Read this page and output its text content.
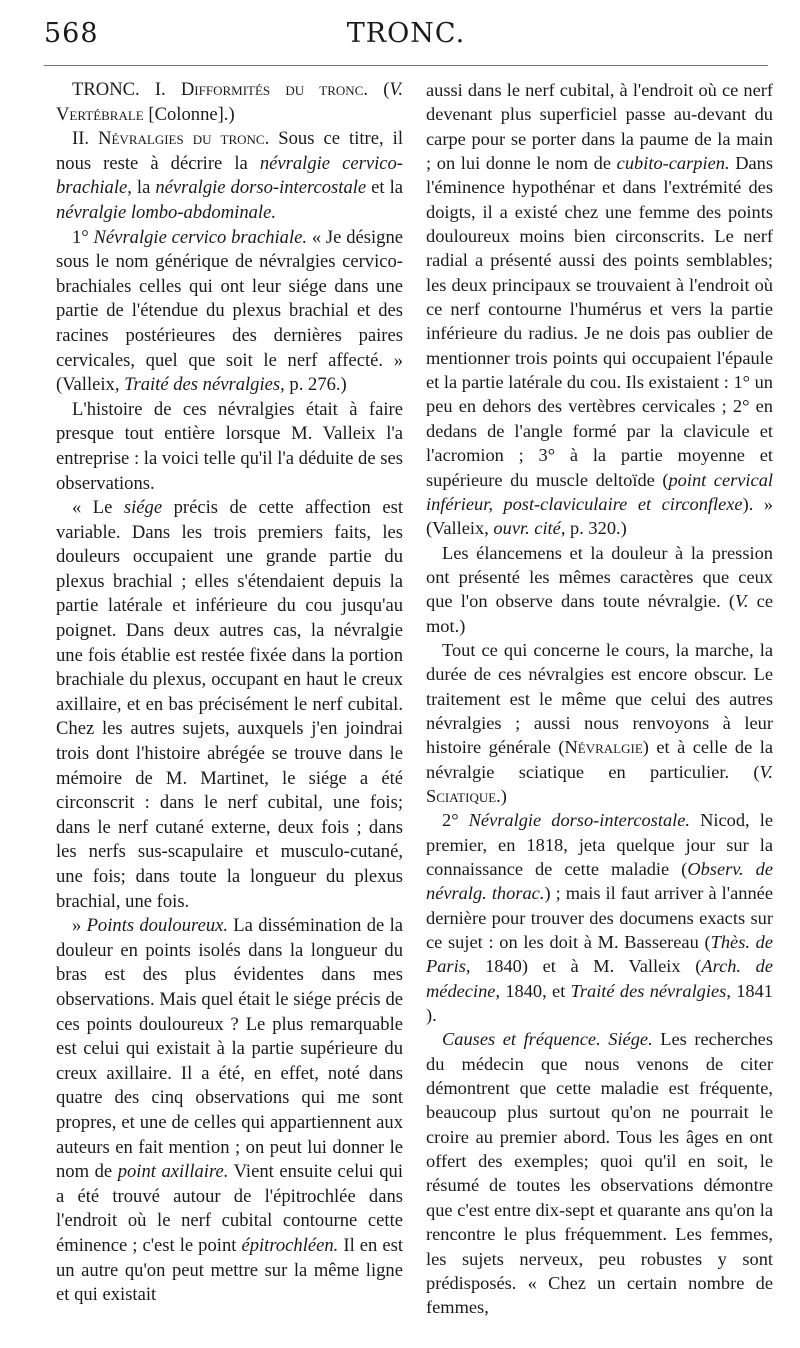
568	TRONC.

TRONC. I. Difformités du tronc. (V. Vertébrale [Colonne].)

II. Névralgies du tronc. Sous ce titre, il nous reste à décrire la névralgie cervico-brachiale, la névralgie dorso-intercostale et la névralgie lombo-abdominale.

1° Névralgie cervico brachiale. « Je désigne sous le nom générique de névralgies cervico-brachiales celles qui ont leur siége dans une partie de l'étendue du plexus brachial et des racines postérieures des dernières paires cervicales, quel que soit le nerf affecté. » (Valleix, Traité des névralgies, p. 276.)

L'histoire de ces névralgies était à faire presque tout entière lorsque M. Valleix l'a entreprise : la voici telle qu'il l'a déduite de ses observations.

« Le siége précis de cette affection est variable. Dans les trois premiers faits, les douleurs occupaient une grande partie du plexus brachial ; elles s'étendaient depuis la partie latérale et inférieure du cou jusqu'au poignet. Dans deux autres cas, la névralgie une fois établie est restée fixée dans la portion brachiale du plexus, occupant en haut le creux axillaire, et en bas précisément le nerf cubital. Chez les autres sujets, auxquels j'en joindrai trois dont l'histoire abrégée se trouve dans le mémoire de M. Martinet, le siége a été circonscrit : dans le nerf cubital, une fois; dans le nerf cutané externe, deux fois ; dans les nerfs sus-scapulaire et musculo-cutané, une fois; dans toute la longueur du plexus brachial, une fois.

» Points douloureux. La dissémination de la douleur en points isolés dans la longueur du bras est des plus évidentes dans mes observations. Mais quel était le siége précis de ces points douloureux ? Le plus remarquable est celui qui existait à la partie supérieure du creux axillaire. Il a été, en effet, noté dans quatre des cinq observations qui me sont propres, et une de celles qui appartiennent aux auteurs en fait mention ; on peut lui donner le nom de point axillaire. Vient ensuite celui qui a été trouvé autour de l'épitrochlée dans l'endroit où le nerf cubital contourne cette éminence ; c'est le point épitrochléen. Il en est un autre qu'on peut mettre sur la même ligne et qui existait

aussi dans le nerf cubital, à l'endroit où ce nerf devenant plus superficiel passe au-devant du carpe pour se porter dans la paume de la main ; on lui donne le nom de cubito-carpien. Dans l'éminence hypothénar et dans l'extrémité des doigts, il a existé chez une femme des points douloureux moins bien circonscrits. Le nerf radial a présenté aussi des points semblables; les deux principaux se trouvaient à l'endroit où ce nerf contourne l'humérus et vers la partie inférieure du radius. Je ne dois pas oublier de mentionner trois points qui occupaient l'épaule et la partie latérale du cou. Ils existaient : 1° un peu en dehors des vertèbres cervicales ; 2° en dedans de l'angle formé par la clavicule et l'acromion ; 3° à la partie moyenne et supérieure du muscle deltoïde (point cervical inférieur, post-claviculaire et circonflexe). » (Valleix, ouvr. cité, p. 320.)

Les élancemens et la douleur à la pression ont présenté les mêmes caractères que ceux que l'on observe dans toute névralgie. (V. ce mot.)

Tout ce qui concerne le cours, la marche, la durée de ces névralgies est encore obscur. Le traitement est le même que celui des autres névralgies ; aussi nous renvoyons à leur histoire générale (Névralgie) et à celle de la névralgie sciatique en particulier. (V. Sciatique.)

2° Névralgie dorso-intercostale. Nicod, le premier, en 1818, jeta quelque jour sur la connaissance de cette maladie (Observ. de névralg. thorac.) ; mais il faut arriver à l'année dernière pour trouver des documens exacts sur ce sujet : on les doit à M. Bassereau (Thès. de Paris, 1840) et à M. Valleix (Arch. de médecine, 1840, et Traité des névralgies, 1841 ).

Causes et fréquence. Siége. Les recherches du médecin que nous venons de citer démontrent que cette maladie est fréquente, beaucoup plus surtout qu'on ne pourrait le croire au premier abord. Tous les âges en ont offert des exemples; quoi qu'il en soit, le résumé de toutes les observations démontre que c'est entre dix-sept et quarante ans qu'on la rencontre le plus fréquemment. Les femmes, les sujets nerveux, peu robustes y sont prédisposés. « Chez un certain nombre de femmes,
